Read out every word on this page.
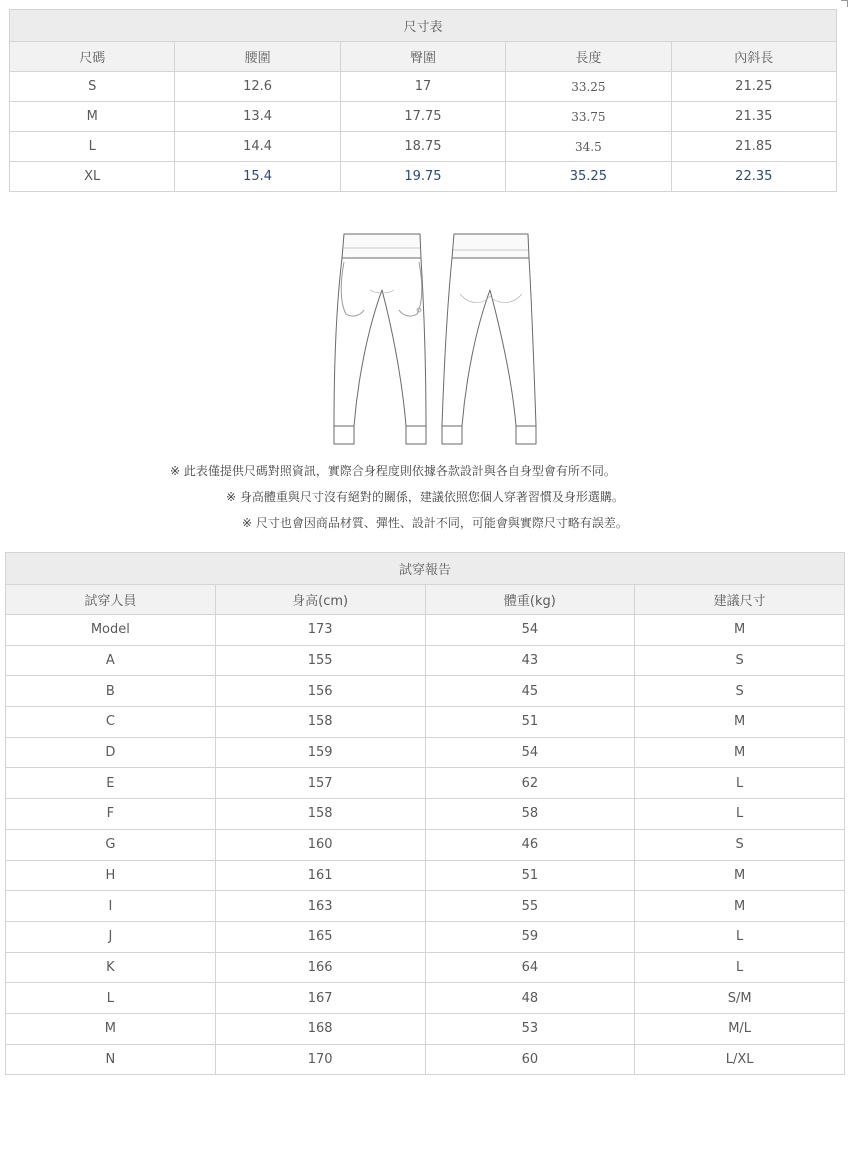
尺寸表				
尺碼	腰圍	臀圍	長度	內斜長
S	12.6	17	33.25	21.25
M	13.4	17.75	33.75	21.35
L	14.4	18.75	34.5	21.85
XL	15.4	19.75	35.25	22.35
※ 此表僅提供尺碼對照資訊，實際合身程度則依據各款設計與各自身型會有所不同。
※ 身高體重與尺寸沒有絕對的關係，建議依照您個人穿著習慣及身形選購。
※ 尺寸也會因商品材質、彈性、設計不同，可能會與實際尺寸略有誤差。
試穿報告			
試穿人員	身高(cm)	體重(kg)	建議尺寸
Model	173	54	M
A	155	43	S
B	156	45	S
C	158	51	M
D	159	54	M
E	157	62	L
F	158	58	L
G	160	46	S
H	161	51	M
I	163	55	M
J	165	59	L
K	166	64	L
L	167	48	S/M
M	168	53	M/L
N	170	60	L/XL
